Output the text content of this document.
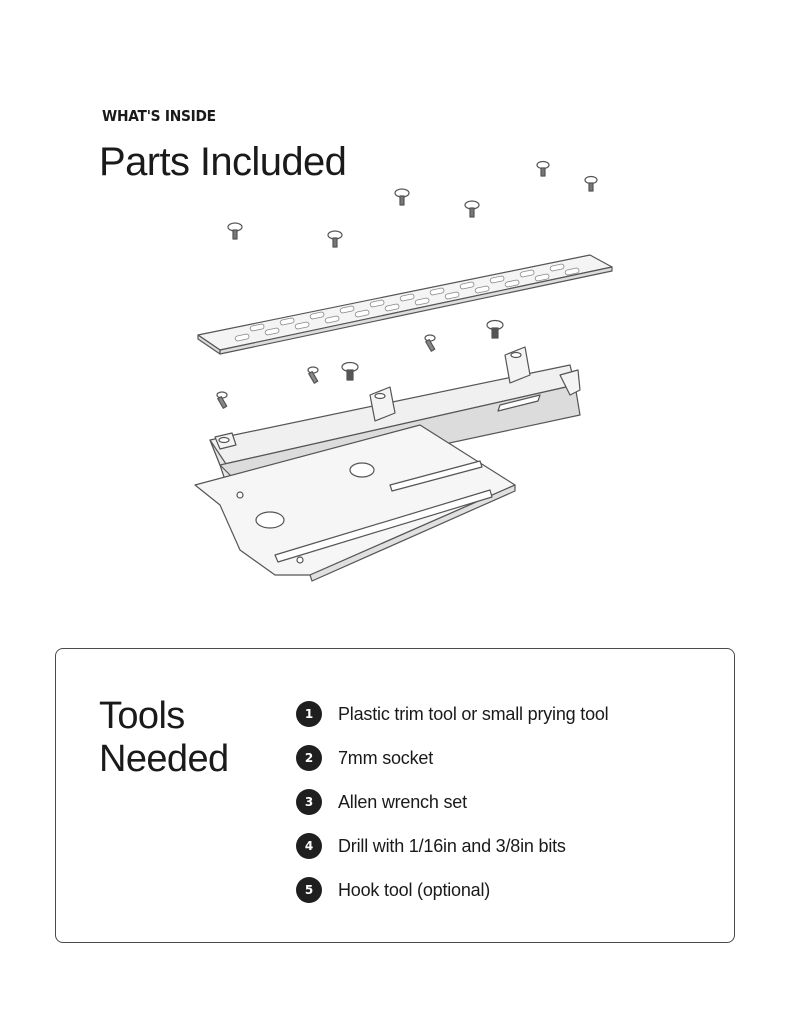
WHAT'S INSIDE
Parts Included
Tools
Needed
1	Plastic trim tool or small prying tool
2	7mm socket
3	Allen wrench set
4	Drill with 1/16in and 3/8in bits
5	Hook tool (optional)
